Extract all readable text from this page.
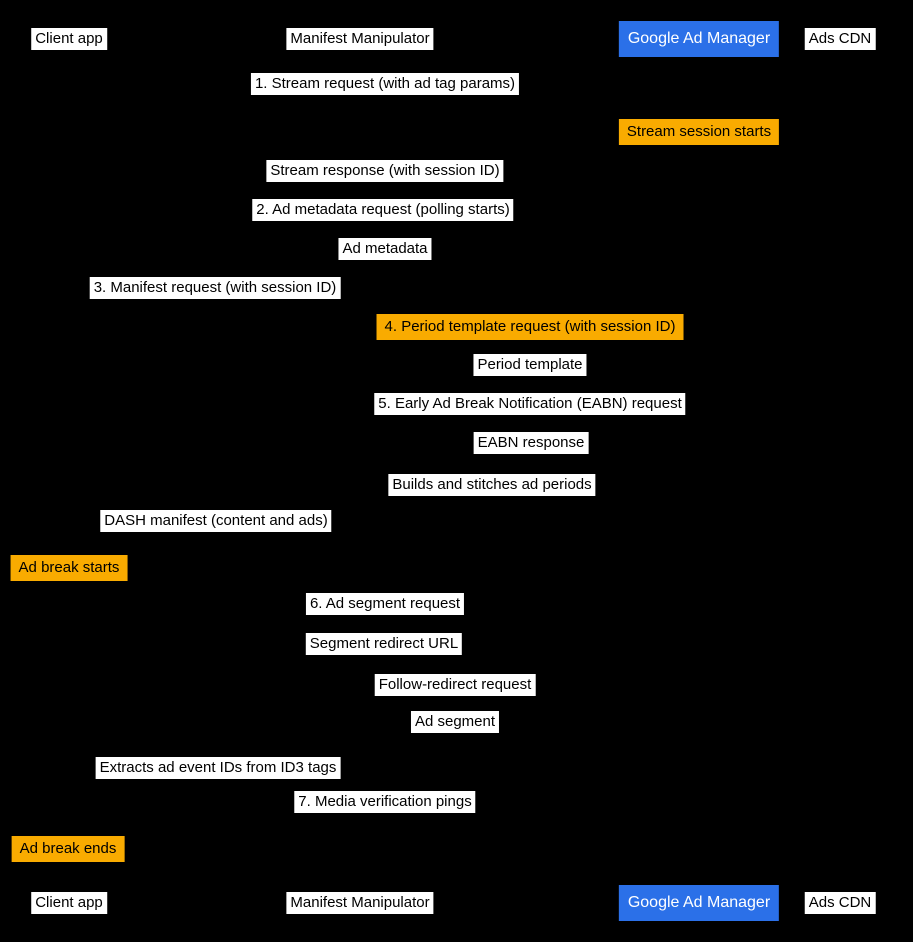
Client app
Client app
Manifest Manipulator
Manifest Manipulator
Google Ad Manager
Google Ad Manager
Ads CDN
Ads CDN
1. Stream request (with ad tag params)
Stream session starts
Stream response (with session ID)
2. Ad metadata request (polling starts)
Ad metadata
3. Manifest request (with session ID)
4. Period template request (with session ID)
Period template
5. Early Ad Break Notification (EABN) request
EABN response
Builds and stitches ad periods
DASH manifest (content and ads)
Ad break starts
6. Ad segment request
Segment redirect URL
Follow-redirect request
Ad segment
Extracts ad event IDs from ID3 tags
7. Media verification pings
Ad break ends
